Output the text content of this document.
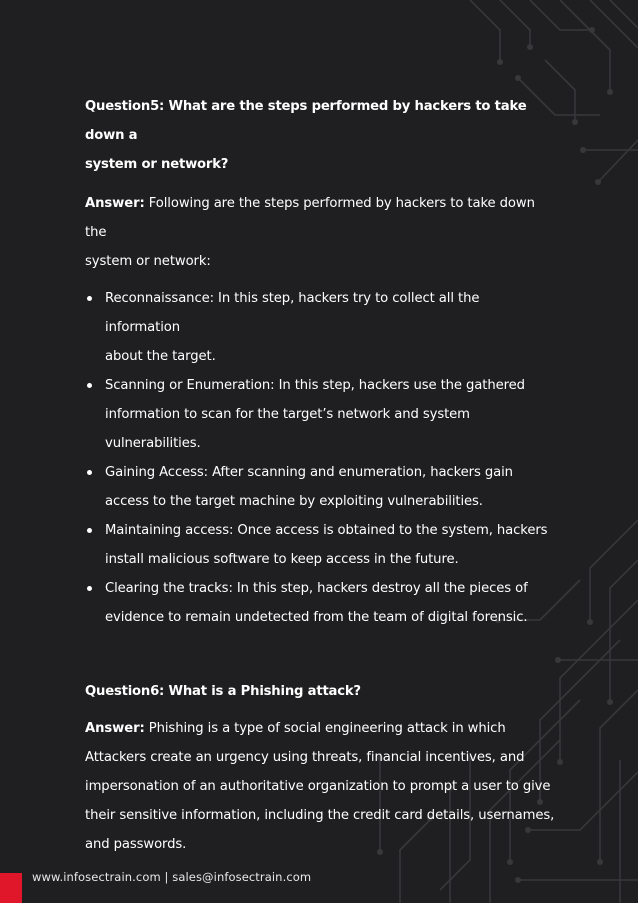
Question5: What are the steps performed by hackers to take down a

system or network?

Answer: Following are the steps performed by hackers to take down the

system or network:

Reconnaissance: In this step, hackers try to collect all the information
about the target.
Scanning or Enumeration: In this step, hackers use the gathered
information to scan for the target’s network and system
vulnerabilities.
Gaining Access: After scanning and enumeration, hackers gain
access to the target machine by exploiting vulnerabilities.
Maintaining access: Once access is obtained to the system, hackers
install malicious software to keep access in the future.
Clearing the tracks: In this step, hackers destroy all the pieces of
evidence to remain undetected from the team of digital forensic.

Question6: What is a Phishing attack?

Answer: Phishing is a type of social engineering attack in which

Attackers create an urgency using threats, financial incentives, and

impersonation of an authoritative organization to prompt a user to give

their sensitive information, including the credit card details, usernames,

and passwords.

www.infosectrain.com | sales@infosectrain.com
